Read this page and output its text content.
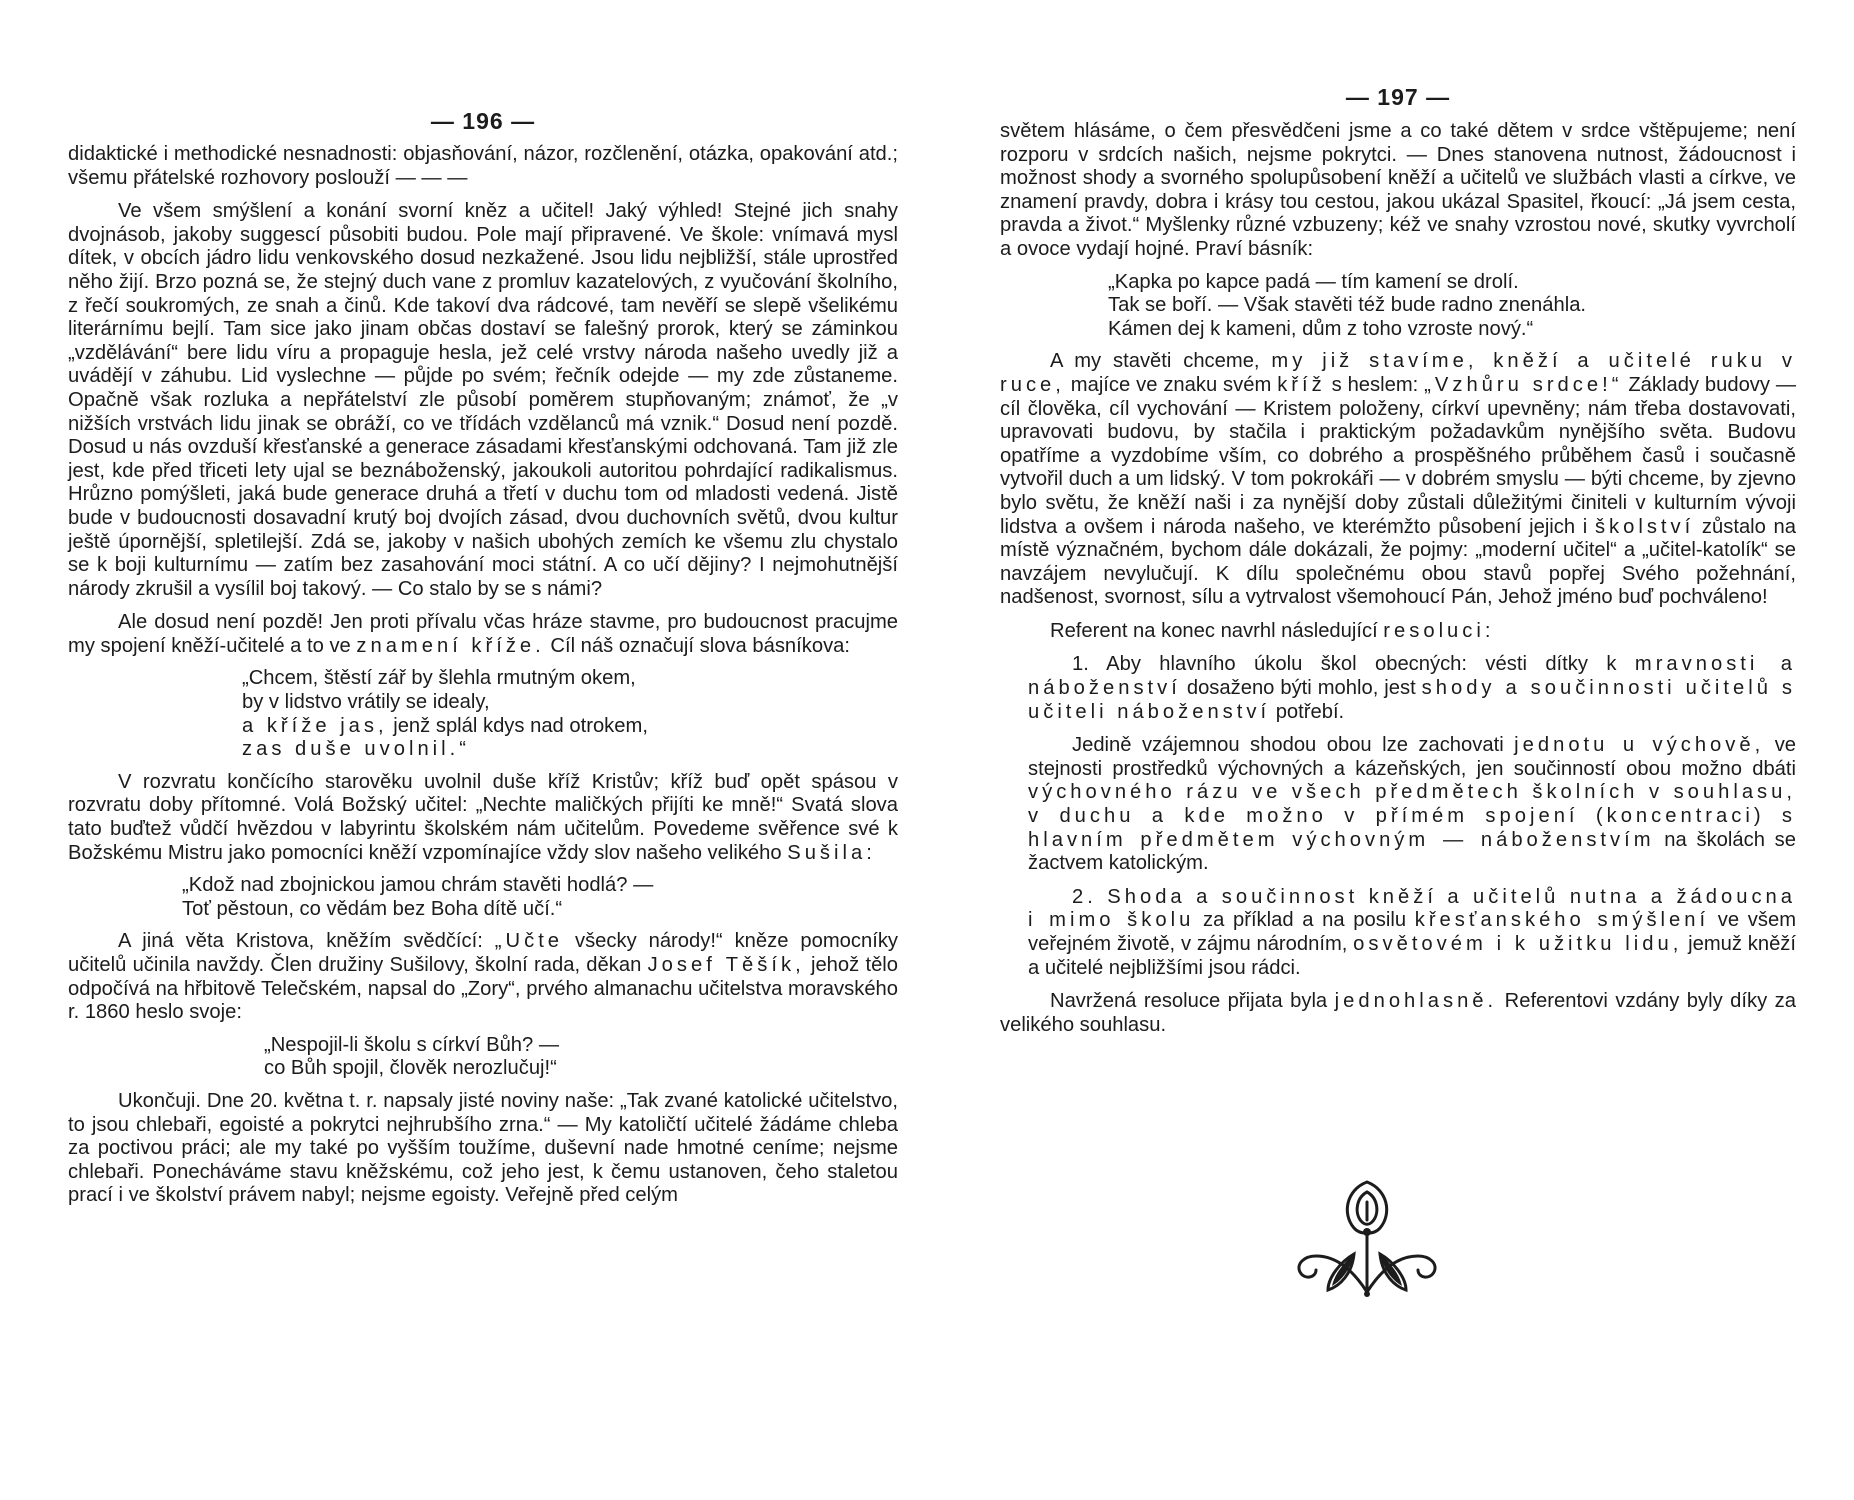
— 196 —

didaktické i methodické nesnadnosti: objasňování, názor, rozčlenění, otázka, opakování atd.; všemu přátelské rozhovory poslouží — — —

Ve všem smýšlení a konání svorní kněz a učitel! Jaký výhled! Stejné jich snahy dvojnásob, jakoby suggescí působiti budou. Pole mají připravené. Ve škole: vnímavá mysl dítek, v obcích jádro lidu venkovského dosud nezkažené. Jsou lidu nejbližší, stále uprostřed něho žijí. Brzo pozná se, že stejný duch vane z promluv kazatelových, z vyučování školního, z řečí soukromých, ze snah a činů. Kde takoví dva rádcové, tam nevěří se slepě všelikému literárnímu bejlí. Tam sice jako jinam občas dostaví se falešný prorok, který se záminkou „vzdělávání“ bere lidu víru a propaguje hesla, jež celé vrstvy národa našeho uvedly již a uvádějí v záhubu. Lid vyslechne — půjde po svém; řečník odejde — my zde zůstaneme. Opačně však rozluka a nepřátelství zle působí poměrem stupňovaným; známoť, že „v nižších vrstvách lidu jinak se obráží, co ve třídách vzdělanců má vznik.“ Dosud není pozdě. Dosud u nás ovzduší křesťanské a generace zásadami křesťanskými odchovaná. Tam již zle jest, kde před třiceti lety ujal se beznáboženský, jakoukoli autoritou pohrdající radikalismus. Hrůzno pomýšleti, jaká bude generace druhá a třetí v duchu tom od mladosti vedená. Jistě bude v budoucnosti dosavadní krutý boj dvojích zásad, dvou duchovních světů, dvou kultur ještě úpornější, spletilejší. Zdá se, jakoby v našich ubohých zemích ke všemu zlu chystalo se k boji kulturnímu — zatím bez zasahování moci státní. A co učí dějiny? I nejmohutnější národy zkrušil a vysílil boj takový. — Co stalo by se s námi?

Ale dosud není pozdě! Jen proti přívalu včas hráze stavme, pro budoucnost pracujme my spojení kněží-učitelé a to ve znamení kříže. Cíl náš označují slova básníkova:

„Chcem, štěstí zář by šlehla rmutným okem,
by v lidstvo vrátily se idealy,
a kříže jas, jenž splál kdys nad otrokem,
zas duše uvolnil.“

V rozvratu končícího starověku uvolnil duše kříž Kristův; kříž buď opět spásou v rozvratu doby přítomné. Volá Božský učitel: „Nechte maličkých přijíti ke mně!“ Svatá slova tato buďtež vůdčí hvězdou v labyrintu školském nám učitelům. Povedeme svěřence své k Božskému Mistru jako pomocníci kněží vzpomínajíce vždy slov našeho velikého Sušila:

„Kdož nad zbojnickou jamou chrám stavěti hodlá? —
Toť pěstoun, co vědám bez Boha dítě učí.“

A jiná věta Kristova, kněžím svědčící: „Učte všecky národy!“ kněze pomocníky učitelů učinila navždy. Člen družiny Sušilovy, školní rada, děkan Josef Těšík, jehož tělo odpočívá na hřbitově Telečském, napsal do „Zory“, prvého almanachu učitelstva moravského r. 1860 heslo svoje:

„Nespojil-li školu s církví Bůh? —
co Bůh spojil, člověk nerozlučuj!“

Ukončuji. Dne 20. května t. r. napsaly jisté noviny naše: „Tak zvané katolické učitelstvo, to jsou chlebaři, egoisté a pokrytci nejhrubšího zrna.“ — My katoličtí učitelé žádáme chleba za poctivou práci; ale my také po vyšším toužíme, duševní nade hmotné ceníme; nejsme chlebaři. Ponecháváme stavu kněžskému, což jeho jest, k čemu ustanoven, čeho staletou prací i ve školství právem nabyl; nejsme egoisty. Veřejně před celým

— 197 —

světem hlásáme, o čem přesvědčeni jsme a co také dětem v srdce vštěpujeme; není rozporu v srdcích našich, nejsme pokrytci. — Dnes stanovena nutnost, žádoucnost i možnost shody a svorného spolupůsobení kněží a učitelů ve službách vlasti a církve, ve znamení pravdy, dobra i krásy tou cestou, jakou ukázal Spasitel, řkoucí: „Já jsem cesta, pravda a život.“ Myšlenky různé vzbuzeny; kéž ve snahy vzrostou nové, skutky vyvrcholí a ovoce vydají hojné. Praví básník:

„Kapka po kapce padá — tím kamení se drolí.
Tak se boří. — Však stavěti též bude radno znenáhla.
Kámen dej k kameni, dům z toho vzroste nový.“

A my stavěti chceme, my již stavíme, kněží a učitelé ruku v ruce, majíce ve znaku svém kříž s heslem: „Vzhůru srdce!“ Základy budovy — cíl člověka, cíl vychování — Kristem položeny, církví upevněny; nám třeba dostavovati, upravovati budovu, by stačila i praktickým požadavkům nynějšího světa. Budovu opatříme a vyzdobíme vším, co dobrého a prospěšného průběhem časů i současně vytvořil duch a um lidský. V tom pokrokáři — v dobrém smyslu — býti chceme, by zjevno bylo světu, že kněží naši i za nynější doby zůstali důležitými činiteli v kulturním vývoji lidstva a ovšem i národa našeho, ve kterémžto působení jejich i školství zůstalo na místě význačném, bychom dále dokázali, že pojmy: „moderní učitel“ a „učitel-katolík“ se navzájem nevylučují. K dílu společnému obou stavů popřej Svého požehnání, nadšenost, svornost, sílu a vytrvalost všemohoucí Pán, Jehož jméno buď pochváleno!

Referent na konec navrhl následující resoluci:

1. Aby hlavního úkolu škol obecných: vésti dítky k mravnosti a náboženství dosaženo býti mohlo, jest shody a součinnosti učitelů s učiteli náboženství potřebí.

Jedině vzájemnou shodou obou lze zachovati jednotu u výchově, ve stejnosti prostředků výchovných a kázeňských, jen součinností obou možno dbáti výchovného rázu ve všech předmětech školních v souhlasu, v duchu a kde možno v přímém spojení (koncentraci) s hlavním předmětem výchovným — náboženstvím na školách se žactvem katolickým.

2. Shoda a součinnost kněží a učitelů nutna a žádoucna i mimo školu za příklad a na posilu křesťanského smýšlení ve všem veřejném životě, v zájmu národním, osvětovém i k užitku lidu, jemuž kněží a učitelé nejbližšími jsou rádci.

Navržená resoluce přijata byla jednohlasně. Referentovi vzdány byly díky za velikého souhlasu.
